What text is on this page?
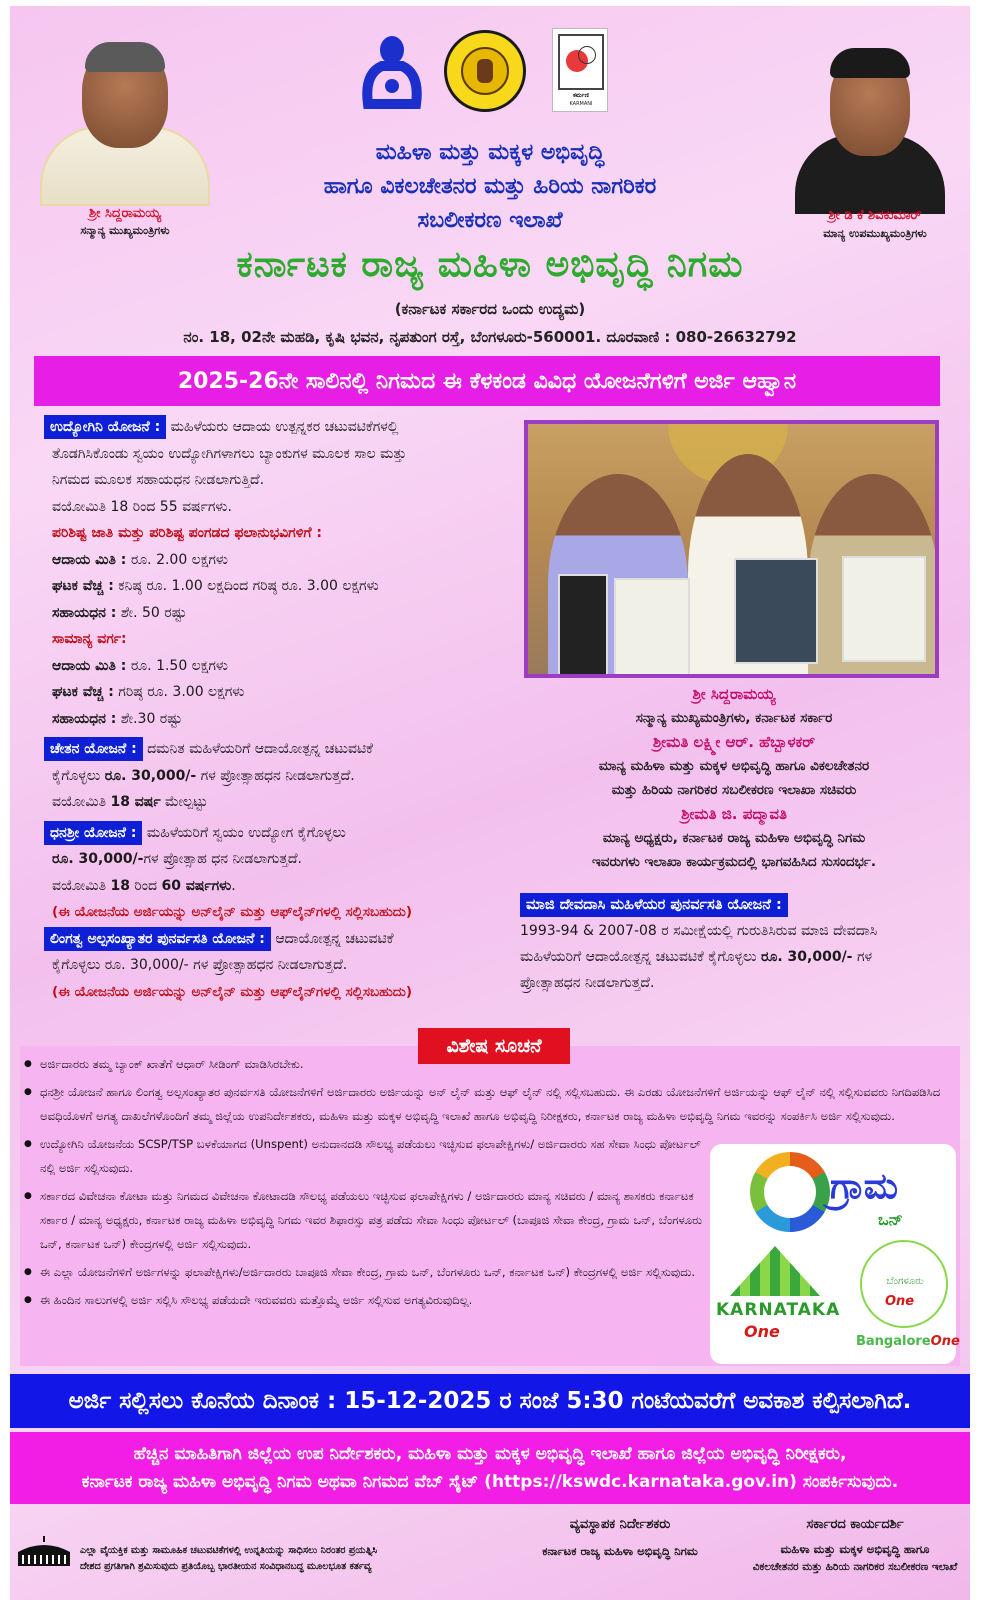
ಶ್ರೀ ಸಿದ್ದರಾಮಯ್ಯ
ಸನ್ಮಾನ್ಯ ಮುಖ್ಯಮಂತ್ರಿಗಳು
ಶ್ರೀ ಡಿ ಕೆ ಶಿವಕುಮಾರ್
ಮಾನ್ಯ ಉಪಮುಖ್ಯಮಂತ್ರಿಗಳು
ಕರ್ಮಣಿ
KARMANI
ಮಹಿಳಾ ಮತ್ತು ಮಕ್ಕಳ ಅಭಿವೃದ್ಧಿ
ಹಾಗೂ ವಿಕಲಚೇತನರ ಮತ್ತು ಹಿರಿಯ ನಾಗರಿಕರ
ಸಬಲೀಕರಣ ಇಲಾಖೆ
ಕರ್ನಾಟಕ ರಾಜ್ಯ ಮಹಿಳಾ ಅಭಿವೃದ್ಧಿ ನಿಗಮ
(ಕರ್ನಾಟಕ ಸರ್ಕಾರದ ಒಂದು ಉದ್ಯಮ)
ನಂ. 18, 02ನೇ ಮಹಡಿ, ಕೃಷಿ ಭವನ, ನೃಪತುಂಗ ರಸ್ತೆ, ಬೆಂಗಳೂರು-560001. ದೂರವಾಣಿ : 080-26632792
2025-26ನೇ ಸಾಲಿನಲ್ಲಿ ನಿಗಮದ ಈ ಕೆಳಕಂಡ ವಿವಿಧ ಯೋಜನೆಗಳಿಗೆ ಅರ್ಜಿ ಆಹ್ವಾನ
ಉದ್ಯೋಗಿನಿ ಯೋಜನೆ : ಮಹಿಳೆಯರು ಆದಾಯ ಉತ್ಪನ್ನಕರ ಚಟುವಟಿಕೆಗಳಲ್ಲಿ
ತೊಡಗಿಸಿಕೊಂಡು ಸ್ವಯಂ ಉದ್ಯೋಗಿಗಳಾಗಲು ಬ್ಯಾಂಕುಗಳ ಮೂಲಕ ಸಾಲ ಮತ್ತು
ನಿಗಮದ ಮೂಲಕ ಸಹಾಯಧನ ನೀಡಲಾಗುತ್ತಿದೆ.
ವಯೋಮಿತಿ 18 ರಿಂದ 55 ವರ್ಷಗಳು.
ಪರಿಶಿಷ್ಟ ಜಾತಿ ಮತ್ತು ಪರಿಶಿಷ್ಟ ಪಂಗಡದ ಫಲಾನುಭವಿಗಳಿಗೆ :
ಆದಾಯ ಮಿತಿ : ರೂ. 2.00 ಲಕ್ಷಗಳು
ಘಟಕ ವೆಚ್ಚ : ಕನಿಷ್ಠ ರೂ. 1.00 ಲಕ್ಷದಿಂದ ಗರಿಷ್ಠ ರೂ. 3.00 ಲಕ್ಷಗಳು
ಸಹಾಯಧನ : ಶೇ. 50 ರಷ್ಟು
ಸಾಮಾನ್ಯ ವರ್ಗ:
ಆದಾಯ ಮಿತಿ : ರೂ. 1.50 ಲಕ್ಷಗಳು
ಘಟಕ ವೆಚ್ಚ : ಗರಿಷ್ಠ ರೂ. 3.00 ಲಕ್ಷಗಳು
ಸಹಾಯಧನ : ಶೇ.30 ರಷ್ಟು
ಚೇತನ ಯೋಜನೆ : ದಮನಿತ ಮಹಿಳೆಯರಿಗೆ ಆದಾಯೋತ್ಪನ್ನ ಚಟುವಟಿಕೆ
ಕೈಗೊಳ್ಳಲು ರೂ. 30,000/- ಗಳ ಪ್ರೋತ್ಸಾಹಧನ ನೀಡಲಾಗುತ್ತದೆ.
ವಯೋಮಿತಿ 18 ವರ್ಷ ಮೇಲ್ಪಟ್ಟು
ಧನಶ್ರೀ ಯೋಜನೆ : ಮಹಿಳೆಯರಿಗೆ ಸ್ವಯಂ ಉದ್ಯೋಗ ಕೈಗೊಳ್ಳಲು
ರೂ. 30,000/-ಗಳ ಪ್ರೋತ್ಸಾಹ ಧನ ನೀಡಲಾಗುತ್ತದೆ.
ವಯೋಮಿತಿ 18 ರಿಂದ 60 ವರ್ಷಗಳು.
(ಈ ಯೋಜನೆಯ ಅರ್ಜಿಯನ್ನು ಅನ್‌ಲೈನ್ ಮತ್ತು ಆಫ್‌ಲೈನ್‌ಗಳಲ್ಲಿ ಸಲ್ಲಿಸಬಹುದು)
ಲಿಂಗತ್ವ ಅಲ್ಪಸಂಖ್ಯಾತರ ಪುನರ್ವಸತಿ ಯೋಜನೆ : ಆದಾಯೋತ್ಪನ್ನ ಚಟುವಟಿಕೆ
ಕೈಗೊಳ್ಳಲು ರೂ. 30,000/- ಗಳ ಪ್ರೋತ್ಸಾಹಧನ ನೀಡಲಾಗುತ್ತದೆ.
(ಈ ಯೋಜನೆಯ ಅರ್ಜಿಯನ್ನು ಅನ್‌ಲೈನ್ ಮತ್ತು ಆಫ್‌ಲೈನ್‌ಗಳಲ್ಲಿ ಸಲ್ಲಿಸಬಹುದು)
ಶ್ರೀ ಸಿದ್ದರಾಮಯ್ಯ
ಸನ್ಮಾನ್ಯ ಮುಖ್ಯಮಂತ್ರಿಗಳು, ಕರ್ನಾಟಕ ಸರ್ಕಾರ
ಶ್ರೀಮತಿ ಲಕ್ಷ್ಮೀ ಆರ್. ಹೆಬ್ಬಾಳಕರ್
ಮಾನ್ಯ ಮಹಿಳಾ ಮತ್ತು ಮಕ್ಕಳ ಅಭಿವೃದ್ಧಿ ಹಾಗೂ ವಿಕಲಚೇತನರ
ಮತ್ತು ಹಿರಿಯ ನಾಗರಿಕರ ಸಬಲೀಕರಣ ಇಲಾಖಾ ಸಚಿವರು
ಶ್ರೀಮತಿ ಜಿ. ಪದ್ಮಾವತಿ
ಮಾನ್ಯ ಅಧ್ಯಕ್ಷರು, ಕರ್ನಾಟಕ ರಾಜ್ಯ ಮಹಿಳಾ ಅಭಿವೃದ್ಧಿ ನಿಗಮ
ಇವರುಗಳು ಇಲಾಖಾ ಕಾರ್ಯಕ್ರಮದಲ್ಲಿ ಭಾಗವಹಿಸಿದ ಸುಸಂದರ್ಭ.
ಮಾಜಿ ದೇವದಾಸಿ ಮಹಿಳೆಯರ ಪುನರ್ವಸತಿ ಯೋಜನೆ :
1993-94 & 2007-08 ರ ಸಮೀಕ್ಷೆಯಲ್ಲಿ ಗುರುತಿಸಿರುವ ಮಾಜಿ ದೇವದಾಸಿ
ಮಹಿಳೆಯರಿಗೆ ಆದಾಯೋತ್ಪನ್ನ ಚಟುವಟಿಕೆ ಕೈಗೊಳ್ಳಲು ರೂ. 30,000/- ಗಳ
ಪ್ರೋತ್ಸಾಹಧನ ನೀಡಲಾಗುತ್ತದೆ.
ವಿಶೇಷ ಸೂಚನೆ
● ಅರ್ಜಿದಾರರು ತಮ್ಮ ಬ್ಯಾಂಕ್ ಖಾತೆಗೆ ಆಧಾರ್ ಸೀಡಿಂಗ್ ಮಾಡಿಸಿರಬೇಕು.
● ಧನಶ್ರೀ ಯೋಜನೆ ಹಾಗೂ ಲಿಂಗತ್ವ ಅಲ್ಪಸಂಖ್ಯಾತರ ಪುನರ್ವಸತಿ ಯೋಜನೆಗಳಿಗೆ ಅರ್ಜಿದಾರರು ಅರ್ಜಿಯನ್ನು ಅನ್ ಲೈನ್ ಮತ್ತು ಆಫ್ ಲೈನ್ ನಲ್ಲಿ ಸಲ್ಲಿಸಬಹುದು. ಈ ಎರಡು ಯೋಜನೆಗಳಿಗೆ ಅರ್ಜಿಯನ್ನು ಆಫ್ ಲೈನ್ ನಲ್ಲಿ ಸಲ್ಲಿಸುವವರು ನಿಗದಿಪಡಿಸಿದ ಅವಧಿಯೊಳಗೆ ಅಗತ್ಯ ದಾಖಲೆಗಳೊಂದಿಗೆ ತಮ್ಮ ಜಿಲ್ಲೆಯ ಉಪನಿರ್ದೇಶಕರು, ಮಹಿಳಾ ಮತ್ತು ಮಕ್ಕಳ ಅಭಿವೃದ್ಧಿ ಇಲಾಖೆ ಹಾಗೂ ಅಭಿವೃದ್ಧಿ ನಿರೀಕ್ಷಕರು, ಕರ್ನಾಟಕ ರಾಜ್ಯ ಮಹಿಳಾ ಅಭಿವೃದ್ಧಿ ನಿಗಮ ಇವರನ್ನು ಸಂಪರ್ಕಿಸಿ ಅರ್ಜಿ ಸಲ್ಲಿಸುವುದು.
● ಉದ್ಯೋಗಿನಿ ಯೋಜನೆಯ SCSP/TSP ಬಳಕೆಯಾಗದ (Unspent) ಅನುದಾನದಡಿ ಸೌಲಭ್ಯ ಪಡೆಯಲು ಇಚ್ಛಿಸುವ ಫಲಾಪೇಕ್ಷಿಗಳು/ ಅರ್ಜಿದಾರರು ಸಹ ಸೇವಾ ಸಿಂಧು ಪೋರ್ಟಲ್ ನಲ್ಲಿ ಅರ್ಜಿ ಸಲ್ಲಿಸುವುದು.
● ಸರ್ಕಾರದ ವಿವೇಚನಾ ಕೋಟಾ ಮತ್ತು ನಿಗಮದ ವಿವೇಚನಾ ಕೋಟಾದಡಿ ಸೌಲಭ್ಯ ಪಡೆಯಲು ಇಚ್ಛಿಸುವ ಫಲಾಪೇಕ್ಷಿಗಳು / ಅರ್ಜಿದಾರರು ಮಾನ್ಯ ಸಚಿವರು / ಮಾನ್ಯ ಶಾಸಕರು ಕರ್ನಾಟಕ ಸರ್ಕಾರ / ಮಾನ್ಯ ಅಧ್ಯಕ್ಷರು, ಕರ್ನಾಟಕ ರಾಜ್ಯ ಮಹಿಳಾ ಅಭಿವೃದ್ಧಿ ನಿಗಮ ಇವರ ಶಿಫಾರಸ್ಸು ಪತ್ರ ಪಡೆದು ಸೇವಾ ಸಿಂಧು ಪೋರ್ಟಲ್ (ಬಾಪೂಜಿ ಸೇವಾ ಕೇಂದ್ರ, ಗ್ರಾಮ ಒನ್, ಬೆಂಗಳೂರು ಒನ್, ಕರ್ನಾಟಕ ಒನ್) ಕೇಂದ್ರಗಳಲ್ಲಿ ಅರ್ಜಿ ಸಲ್ಲಿಸುವುದು.
● ಈ ಎಲ್ಲಾ ಯೋಜನೆಗಳಿಗೆ ಅರ್ಜಿಗಳನ್ನು ಫಲಾಪೇಕ್ಷಿಗಳು/ಅರ್ಜಿದಾರರು ಬಾಪೂಜಿ ಸೇವಾ ಕೇಂದ್ರ, ಗ್ರಾಮ ಒನ್, ಬೆಂಗಳೂರು ಒನ್, ಕರ್ನಾಟಕ ಒನ್) ಕೇಂದ್ರಗಳಲ್ಲಿ ಅರ್ಜಿ ಸಲ್ಲಿಸುವುದು.
● ಈ ಹಿಂದಿನ ಸಾಲುಗಳಲ್ಲಿ ಅರ್ಜಿ ಸಲ್ಲಿಸಿ ಸೌಲಭ್ಯ ಪಡೆಯದೇ ಇರುವವರು ಮತ್ತೊಮ್ಮೆ ಅರ್ಜಿ ಸಲ್ಲಿಸುವ ಅಗತ್ಯವಿರುವುದಿಲ್ಲ.
ಗ್ರಾಮ
ಒನ್
KARNATAKA
One
ಬೆಂಗಳೂರು
One
BangaloreOne
ಅರ್ಜಿ ಸಲ್ಲಿಸಲು ಕೊನೆಯ ದಿನಾಂಕ : 15-12-2025 ರ ಸಂಜೆ 5:30 ಗಂಟೆಯವರೆಗೆ ಅವಕಾಶ ಕಲ್ಪಿಸಲಾಗಿದೆ.
ಹೆಚ್ಚಿನ ಮಾಹಿತಿಗಾಗಿ ಜಿಲ್ಲೆಯ ಉಪ ನಿರ್ದೇಶಕರು, ಮಹಿಳಾ ಮತ್ತು ಮಕ್ಕಳ ಅಭಿವೃದ್ಧಿ ಇಲಾಖೆ ಹಾಗೂ ಜಿಲ್ಲೆಯ ಅಭಿವೃದ್ಧಿ ನಿರೀಕ್ಷಕರು,
ಕರ್ನಾಟಕ ರಾಜ್ಯ ಮಹಿಳಾ ಅಭಿವೃದ್ಧಿ ನಿಗಮ ಅಥವಾ ನಿಗಮದ ವೆಬ್ ಸೈಟ್ (https://kswdc.karnataka.gov.in) ಸಂಪರ್ಕಿಸುವುದು.
ಎಲ್ಲಾ ವೈಯಕ್ತಿಕ ಮತ್ತು ಸಾಮೂಹಿಕ ಚಟುವಟಿಕೆಗಳಲ್ಲಿ ಉನ್ನತಿಯನ್ನು ಸಾಧಿಸಲು ನಿರಂತರ ಪ್ರಯತ್ನಿಸಿ
ದೇಶದ ಪ್ರಗತಿಗಾಗಿ ಶ್ರಮಿಸುವುದು ಪ್ರತಿಯೊಬ್ಬ ಭಾರತೀಯನ ಸಂವಿಧಾನಬದ್ಧ ಮೂಲಭೂತ ಕರ್ತವ್ಯ
ವ್ಯವಸ್ಥಾಪಕ ನಿರ್ದೇಶಕರು
ಕರ್ನಾಟಕ ರಾಜ್ಯ ಮಹಿಳಾ ಅಭಿವೃದ್ಧಿ ನಿಗಮ
ಸರ್ಕಾರದ ಕಾರ್ಯದರ್ಶಿ
ಮಹಿಳಾ ಮತ್ತು ಮಕ್ಕಳ ಅಭಿವೃದ್ಧಿ ಹಾಗೂ
ವಿಕಲಚೇತನರ ಮತ್ತು ಹಿರಿಯ ನಾಗರಿಕರ ಸಬಲೀಕರಣ ಇಲಾಖೆ
